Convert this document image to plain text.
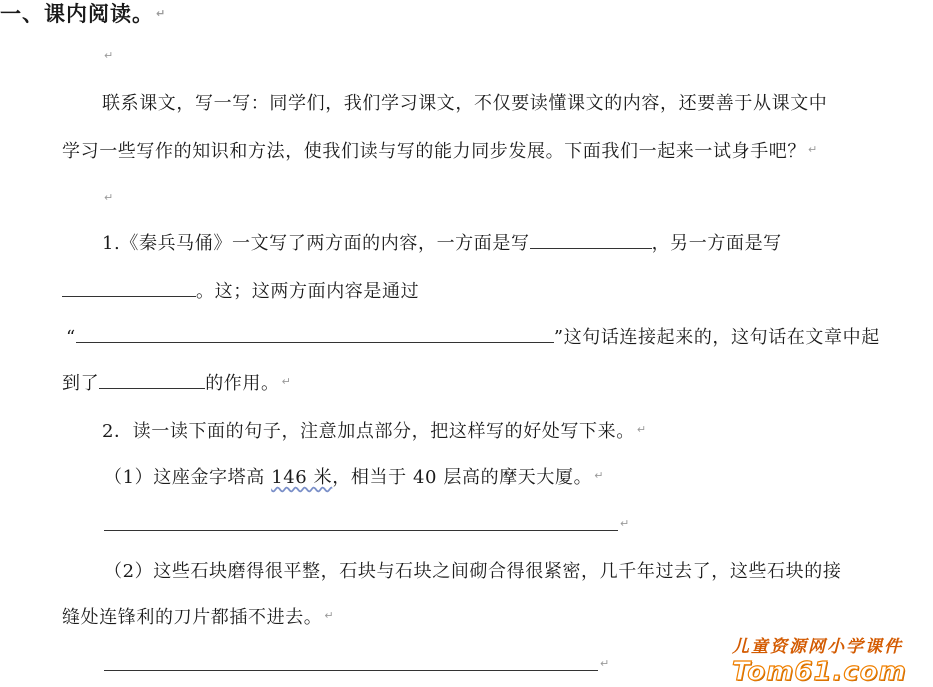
一、课内阅读。 ↵
↵
联系课文，写一写：同学们，我们学习课文，不仅要读懂课文的内容，还要善于从课文中
学习一些写作的知识和方法，使我们读与写的能力同步发展。下面我们一起来一试身手吧？ ↵
↵
1.《秦兵马俑》一文写了两方面的内容，一方面是写	，另一方面是写
。这；这两方面内容是通过
“	”这句话连接起来的，这句话在文章中起
到了	的作用。 ↵
2．读一读下面的句子，注意加点部分，把这样写的好处写下来。 ↵
（1）这座金字塔高 146 米，相当于 40 层高的摩天大厦。 ↵
↵
（2）这些石块磨得很平整，石块与石块之间砌合得很紧密，几千年过去了，这些石块的接
缝处连锋利的刀片都插不进去。 ↵
↵
儿童资源网小学课件
Tom61.com
